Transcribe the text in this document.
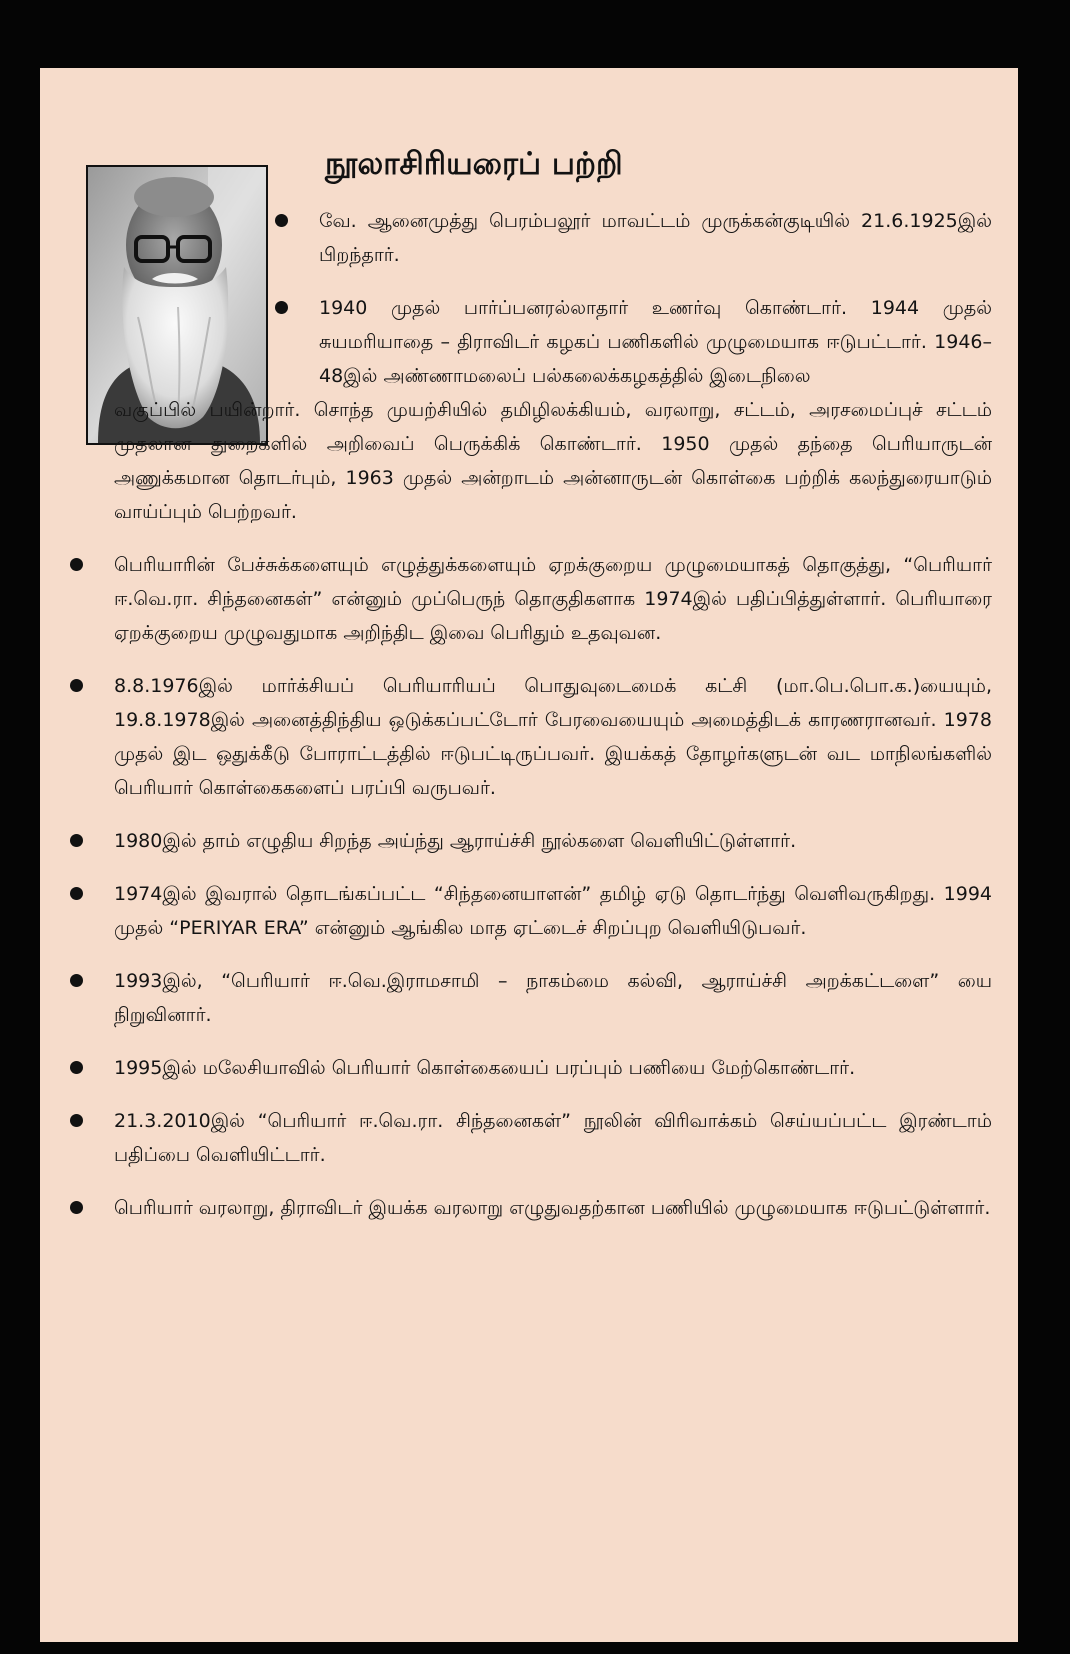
நூலாசிரியரைப் பற்றி

வே. ஆனைமுத்து பெரம்பலூர் மாவட்டம் முருக்கன்குடியில் 21.6.1925இல் பிறந்தார்.

1940 முதல் பார்ப்பனரல்லாதார் உணர்வு கொண்டார். 1944 முதல் சுயமரியாதை – திராவிடர் கழகப் பணிகளில் முழுமையாக ஈடுபட்டார். 1946–48இல் அண்ணாமலைப் பல்கலைக்கழகத்தில் இடைநிலை

வகுப்பில் பயின்றார். சொந்த முயற்சியில் தமிழிலக்கியம், வரலாறு, சட்டம், அரசமைப்புச் சட்டம் முதலான துறைகளில் அறிவைப் பெருக்கிக் கொண்டார். 1950 முதல் தந்தை பெரியாருடன் அணுக்கமான தொடர்பும், 1963 முதல் அன்றாடம் அன்னாருடன் கொள்கை பற்றிக் கலந்துரையாடும் வாய்ப்பும் பெற்றவர்.

பெரியாரின் பேச்சுக்களையும் எழுத்துக்களையும் ஏறக்குறைய முழுமையாகத் தொகுத்து, “பெரியார் ஈ.வெ.ரா. சிந்தனைகள்” என்னும் முப்பெருந் தொகுதிகளாக 1974இல் பதிப்பித்துள்ளார். பெரியாரை ஏறக்குறைய முழுவதுமாக அறிந்திட இவை பெரிதும் உதவுவன.

8.8.1976இல் மார்க்சியப் பெரியாரியப் பொதுவுடைமைக் கட்சி (மா.பெ.பொ.க.)யையும், 19.8.1978இல் அனைத்திந்திய ஒடுக்கப்பட்டோர் பேரவையையும் அமைத்திடக் காரணரானவர். 1978 முதல் இட ஒதுக்கீடு போராட்டத்தில் ஈடுபட்டிருப்பவர். இயக்கத் தோழர்களுடன் வட மாநிலங்களில் பெரியார் கொள்கைகளைப் பரப்பி வருபவர்.

1980இல் தாம் எழுதிய சிறந்த அய்ந்து ஆராய்ச்சி நூல்களை வெளியிட்டுள்ளார்.

1974இல் இவரால் தொடங்கப்பட்ட “சிந்தனையாளன்” தமிழ் ஏடு தொடர்ந்து வெளிவருகிறது. 1994 முதல் “PERIYAR ERA” என்னும் ஆங்கில மாத ஏட்டைச் சிறப்புற வெளியிடுபவர்.

1993இல், “பெரியார் ஈ.வெ.இராமசாமி – நாகம்மை கல்வி, ஆராய்ச்சி அறக்கட்டளை” யை நிறுவினார்.

1995இல் மலேசியாவில் பெரியார் கொள்கையைப் பரப்பும் பணியை மேற்கொண்டார்.

21.3.2010இல் “பெரியார் ஈ.வெ.ரா. சிந்தனைகள்” நூலின் விரிவாக்கம் செய்யப்பட்ட இரண்டாம் பதிப்பை வெளியிட்டார்.

பெரியார் வரலாறு, திராவிடர் இயக்க வரலாறு எழுதுவதற்கான பணியில் முழுமையாக ஈடுபட்டுள்ளார்.
